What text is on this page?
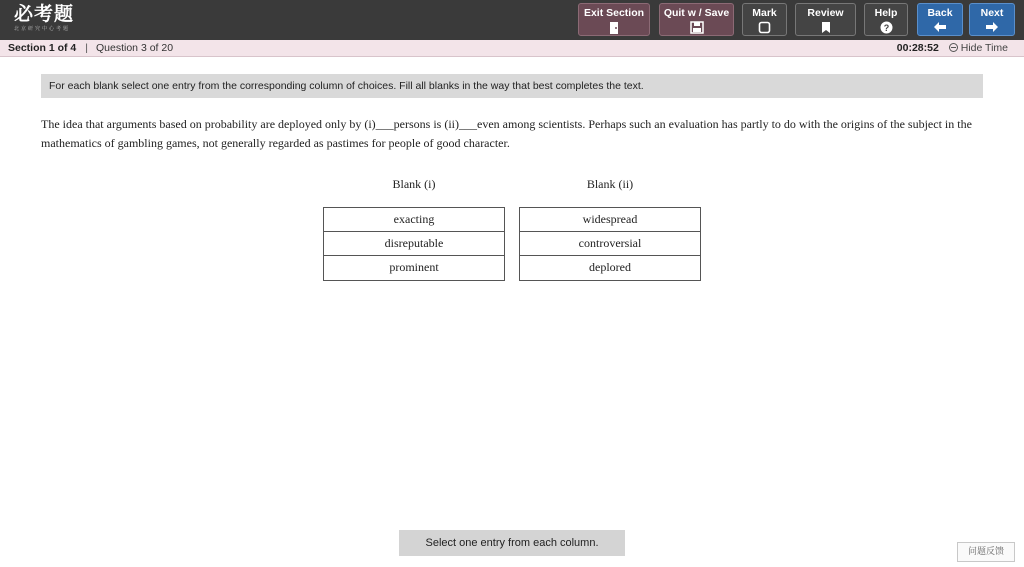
必考题
北京研究中心考题
Exit Section	Quit w / Save	Mark	Review	Help
?
Back	Next
Section 1 of 4 | Question 3 of 20	00:28:52 Hide Time
For each blank select one entry from the corresponding column of choices. Fill all blanks in the way that best completes the text.
The idea that arguments based on probability are deployed only by (i)___persons is (ii)___even among scientists. Perhaps such an evaluation has partly to do with the origins of the subject in the mathematics of gambling games, not generally regarded as pastimes for people of good character.
Blank (i)
exacting
disreputable
prominent
Blank (ii)
widespread
controversial
deplored
Select one entry from each column.
问题反馈
